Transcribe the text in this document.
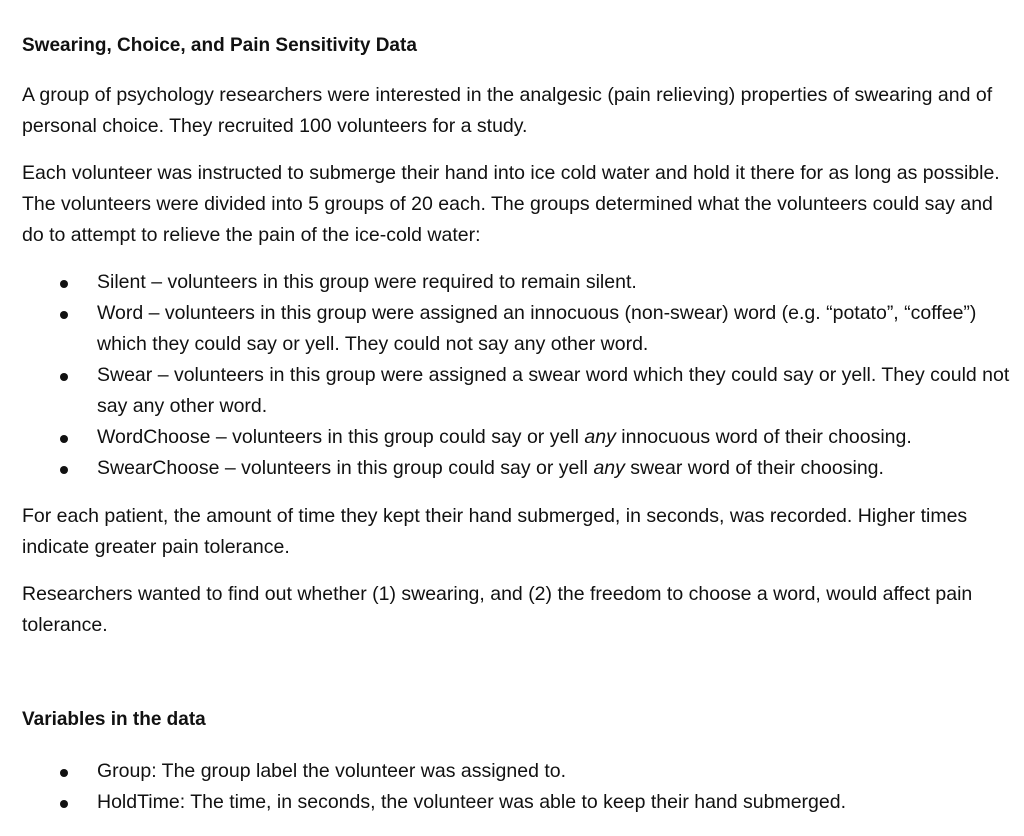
Swearing, Choice, and Pain Sensitivity Data

A group of psychology researchers were interested in the analgesic (pain relieving) properties of swearing and of personal choice. They recruited 100 volunteers for a study.

Each volunteer was instructed to submerge their hand into ice cold water and hold it there for as long as possible. The volunteers were divided into 5 groups of 20 each. The groups determined what the volunteers could say and do to attempt to relieve the pain of the ice-cold water:

Silent – volunteers in this group were required to remain silent.
Word – volunteers in this group were assigned an innocuous (non-swear) word (e.g. “potato”, “coffee”) which they could say or yell. They could not say any other word.
Swear – volunteers in this group were assigned a swear word which they could say or yell. They could not say any other word.
WordChoose – volunteers in this group could say or yell any innocuous word of their choosing.
SwearChoose – volunteers in this group could say or yell any swear word of their choosing.

For each patient, the amount of time they kept their hand submerged, in seconds, was recorded. Higher times indicate greater pain tolerance.

Researchers wanted to find out whether (1) swearing, and (2) the freedom to choose a word, would affect pain tolerance.

Variables in the data
Group: The group label the volunteer was assigned to.
HoldTime: The time, in seconds, the volunteer was able to keep their hand submerged.
